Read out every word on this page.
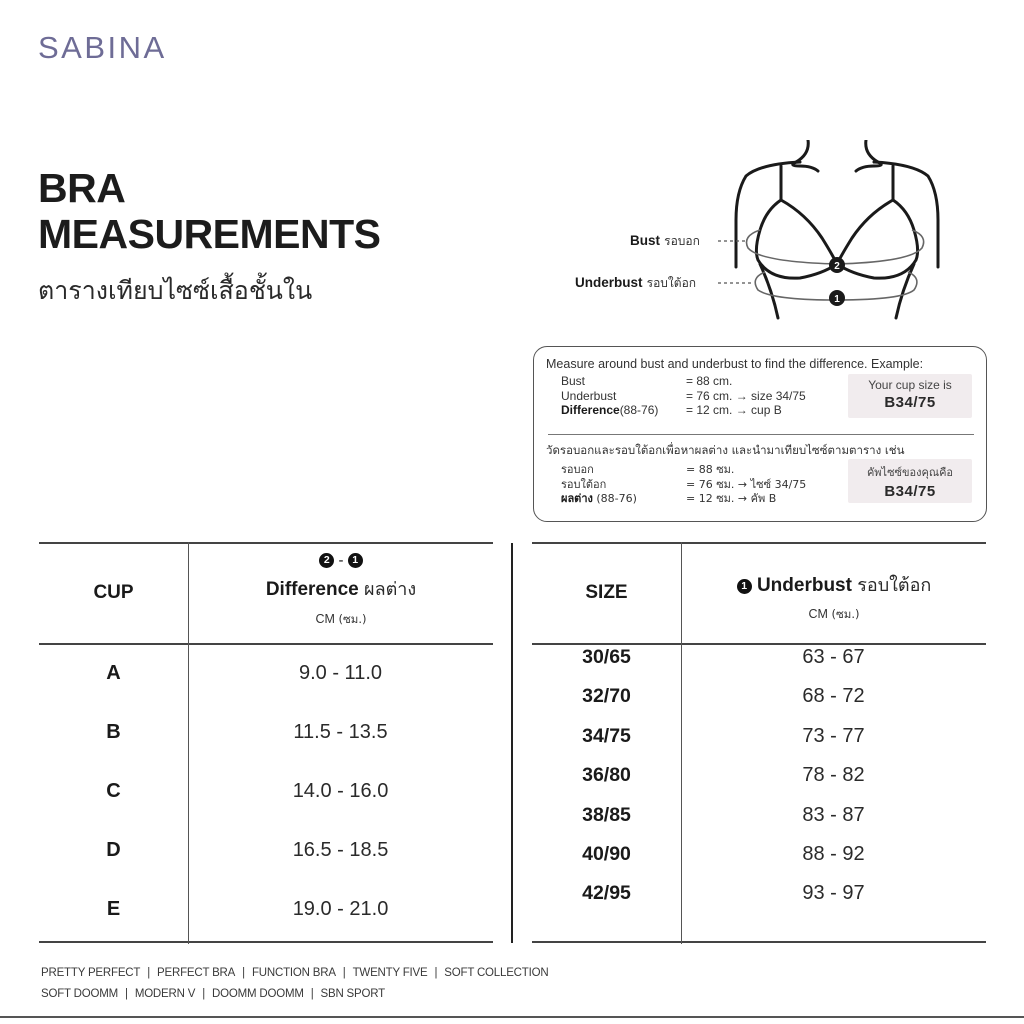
SABINA
BRA
MEASUREMENTS
ตารางเทียบไซซ์เสื้อชั้นใน
2
1
Bust รอบอก
Underbust รอบใต้อก
Measure around bust and underbust to find the difference. Example:
Bust	= 88 cm.
Underbust	= 76 cm. → size 34/75
Difference(88-76)	= 12 cm. → cup B
Your cup size is
B34/75
วัดรอบอกและรอบใต้อกเพื่อหาผลต่าง และนำมาเทียบไซซ์ตามตาราง เช่น
รอบอก	= 88 ซม.
รอบใต้อก	= 76 ซม. → ไซซ์ 34/75
ผลต่าง (88-76)	= 12 ซม. → คัพ B
คัพไซซ์ของคุณคือ
B34/75
CUP
2 - 1
Difference ผลต่าง
CM (ซม.)
A	9.0 - 11.0
B	11.5 - 13.5
C	14.0 - 16.0
D	16.5 - 18.5
E	19.0 - 21.0
SIZE	1 Underbust รอบใต้อก
CM (ซม.)
30/65	63 - 67
32/70	68 - 72
34/75	73 - 77
36/80	78 - 82
38/85	83 - 87
40/90	88 - 92
42/95	93 - 97
PRETTY PERFECT | PERFECT BRA | FUNCTION BRA | TWENTY FIVE | SOFT COLLECTION
SOFT DOOMM | MODERN V | DOOMM DOOMM | SBN SPORT
